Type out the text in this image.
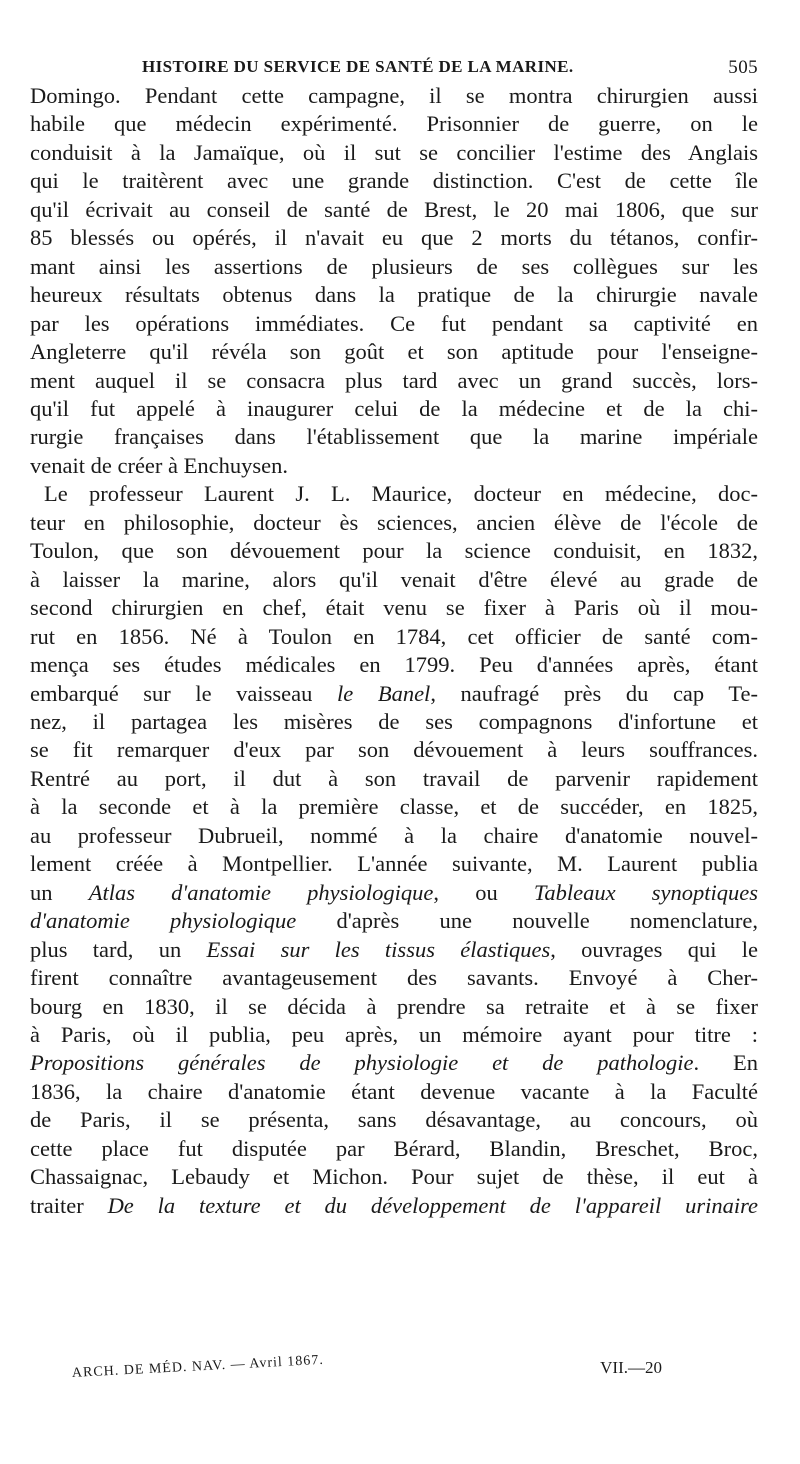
HISTOIRE DU SERVICE DE SANTÉ DE LA MARINE.	505
Domingo. Pendant cette campagne, il se montra chirurgien aussi
habile que médecin expérimenté. Prisonnier de guerre, on le
conduisit à la Jamaïque, où il sut se concilier l'estime des Anglais
qui le traitèrent avec une grande distinction. C'est de cette île
qu'il écrivait au conseil de santé de Brest, le 20 mai 1806, que sur
85 blessés ou opérés, il n'avait eu que 2 morts du tétanos, confir-
mant ainsi les assertions de plusieurs de ses collègues sur les
heureux résultats obtenus dans la pratique de la chirurgie navale
par les opérations immédiates. Ce fut pendant sa captivité en
Angleterre qu'il révéla son goût et son aptitude pour l'enseigne-
ment auquel il se consacra plus tard avec un grand succès, lors-
qu'il fut appelé à inaugurer celui de la médecine et de la chi-
rurgie françaises dans l'établissement que la marine impériale
venait de créer à Enchuysen.
Le professeur Laurent J. L. Maurice, docteur en médecine, doc-
teur en philosophie, docteur ès sciences, ancien élève de l'école de
Toulon, que son dévouement pour la science conduisit, en 1832,
à laisser la marine, alors qu'il venait d'être élevé au grade de
second chirurgien en chef, était venu se fixer à Paris où il mou-
rut en 1856. Né à Toulon en 1784, cet officier de santé com-
mença ses études médicales en 1799. Peu d'années après, étant
embarqué sur le vaisseau le Banel, naufragé près du cap Te-
nez, il partagea les misères de ses compagnons d'infortune et
se fit remarquer d'eux par son dévouement à leurs souffrances.
Rentré au port, il dut à son travail de parvenir rapidement
à la seconde et à la première classe, et de succéder, en 1825,
au professeur Dubrueil, nommé à la chaire d'anatomie nouvel-
lement créée à Montpellier. L'année suivante, M. Laurent publia
un Atlas d'anatomie physiologique, ou Tableaux synoptiques
d'anatomie physiologique d'après une nouvelle nomenclature,
plus tard, un Essai sur les tissus élastiques, ouvrages qui le
firent connaître avantageusement des savants. Envoyé à Cher-
bourg en 1830, il se décida à prendre sa retraite et à se fixer
à Paris, où il publia, peu après, un mémoire ayant pour titre :
Propositions générales de physiologie et de pathologie. En
1836, la chaire d'anatomie étant devenue vacante à la Faculté
de Paris, il se présenta, sans désavantage, au concours, où
cette place fut disputée par Bérard, Blandin, Breschet, Broc,
Chassaignac, Lebaudy et Michon. Pour sujet de thèse, il eut à
traiter De la texture et du développement de l'appareil urinaire
ARCH. DE MÉD. NAV. — Avril 1867.	VII.—20
